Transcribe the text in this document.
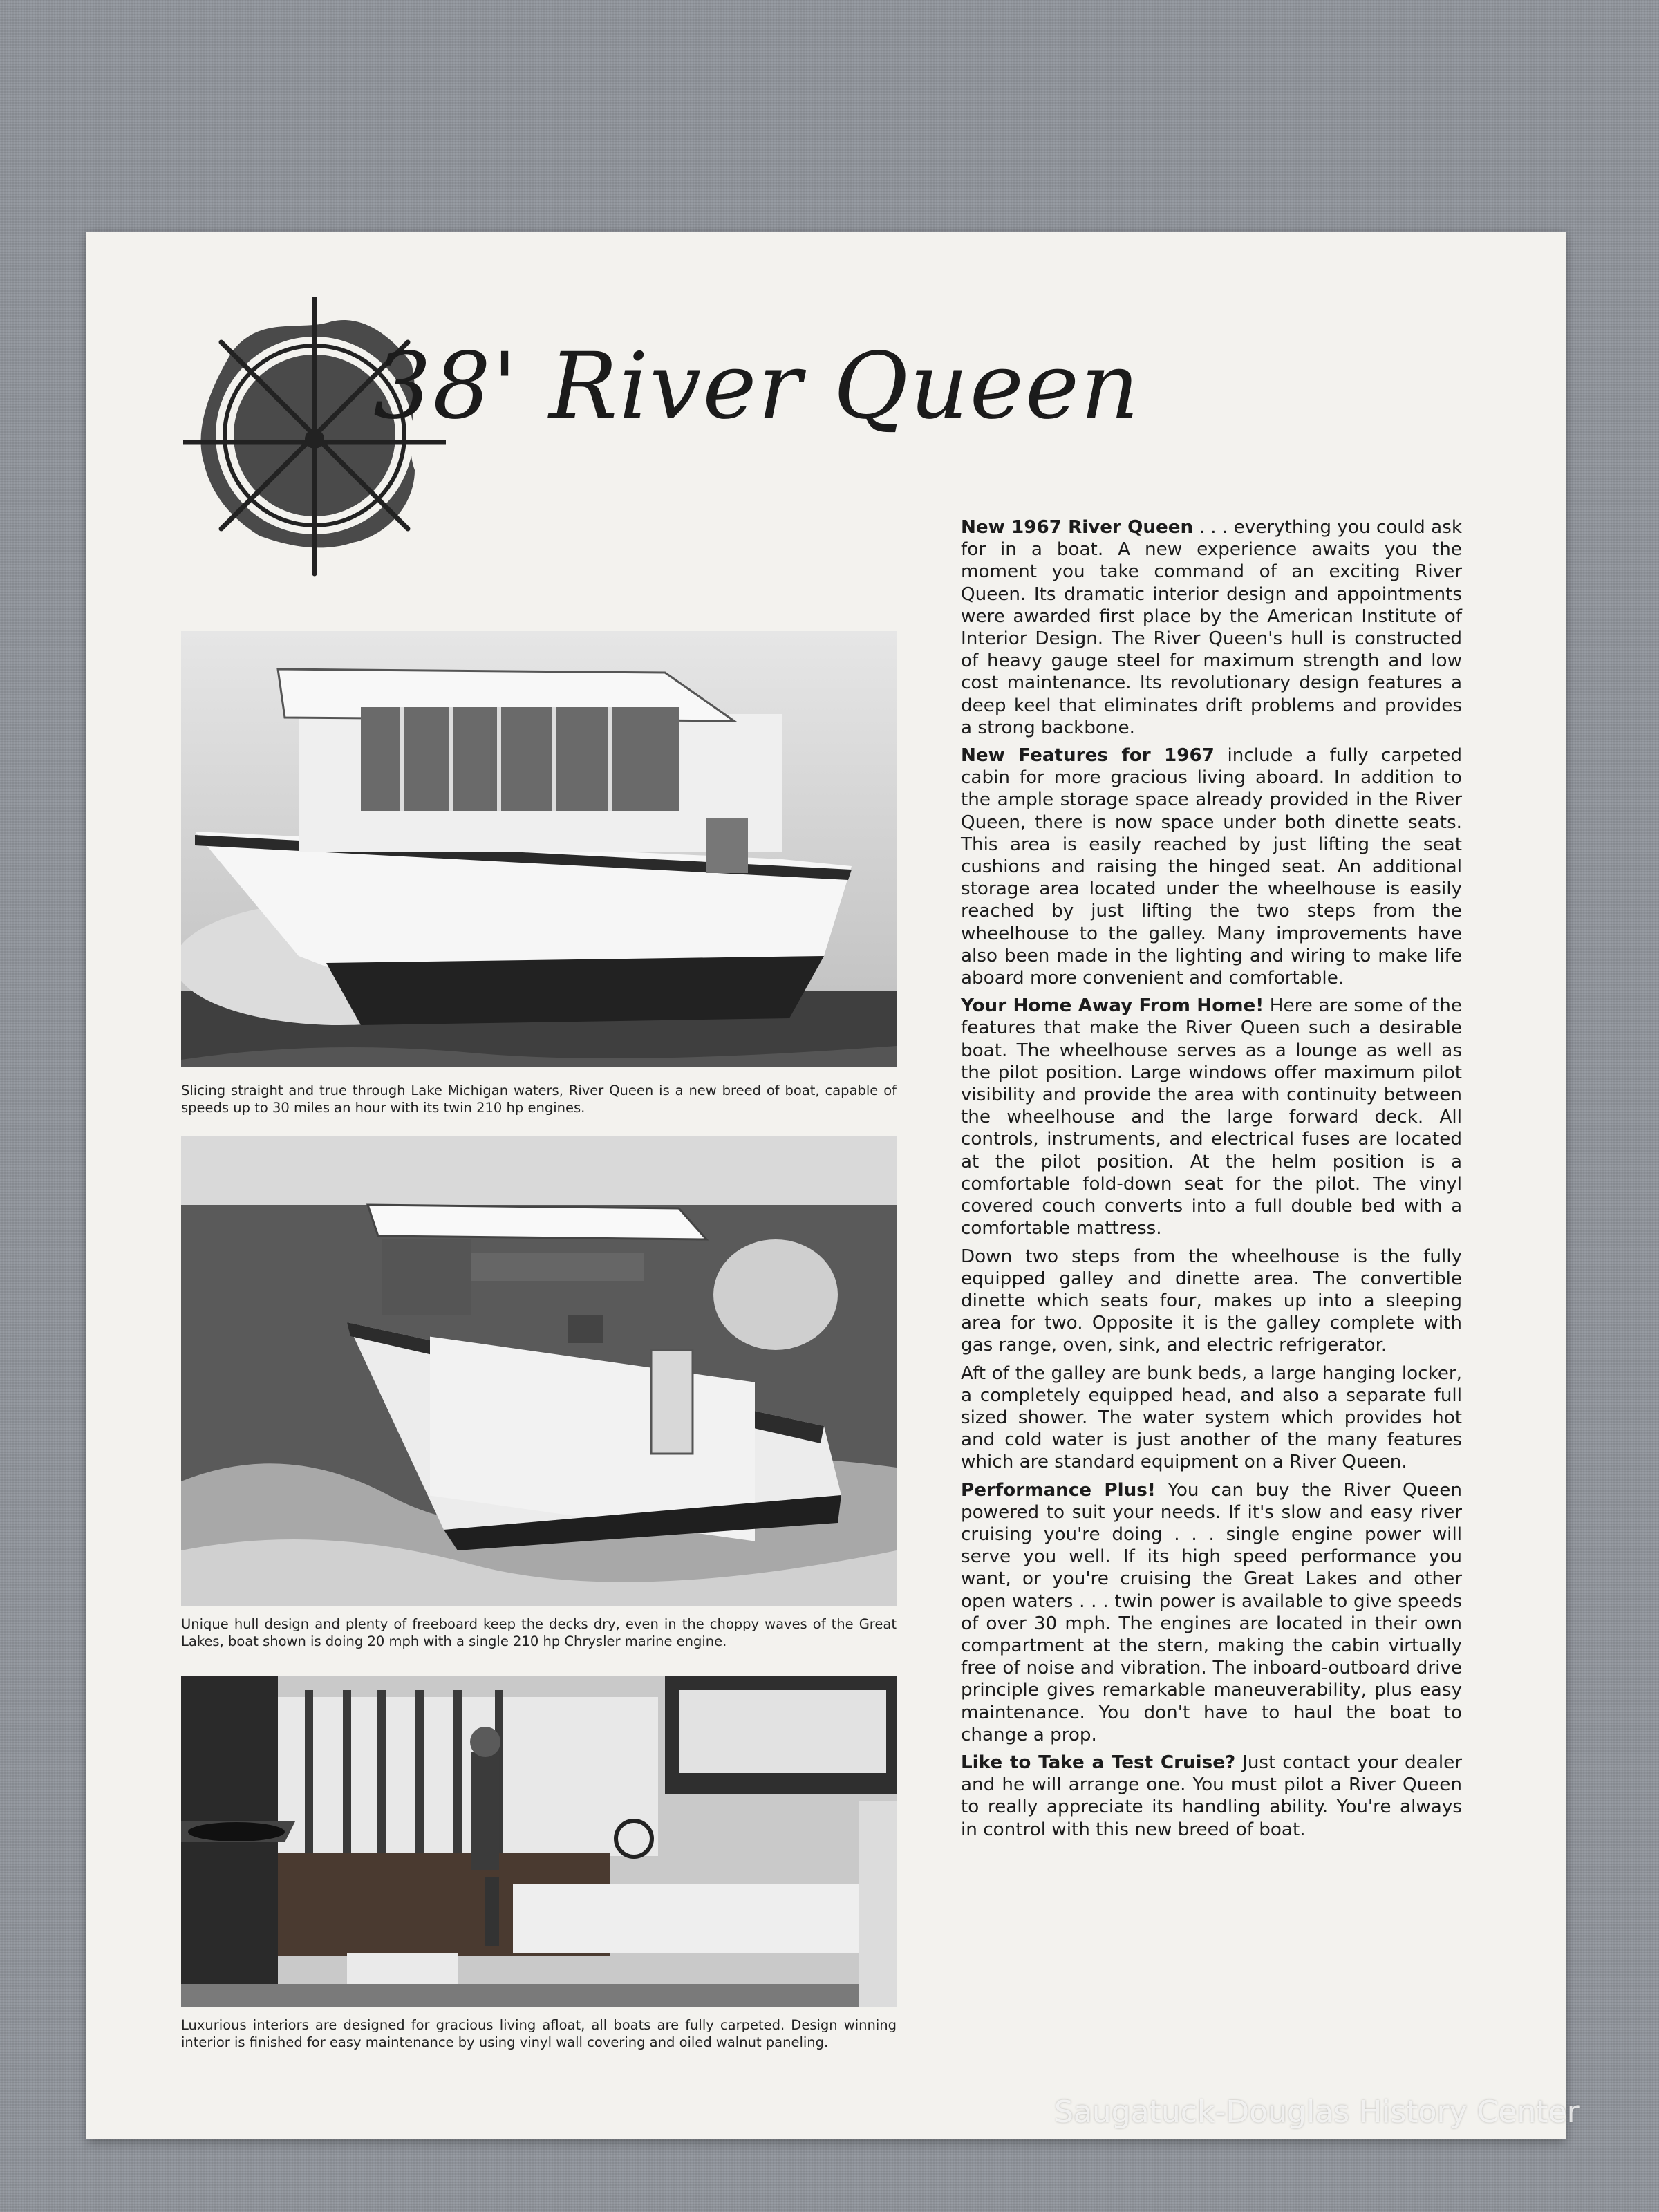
38' River Queen

Slicing straight and true through Lake Michigan waters, River Queen is a new breed of boat, capable of speeds up to 30 miles an hour with its twin 210 hp engines.

Unique hull design and plenty of freeboard keep the decks dry, even in the choppy waves of the Great Lakes, boat shown is doing 20 mph with a single 210 hp Chrysler marine engine.

Luxurious interiors are designed for gracious living afloat, all boats are fully carpeted. Design winning interior is finished for easy maintenance by using vinyl wall covering and oiled walnut paneling.

New 1967 River Queen . . . everything you could ask for in a boat. A new experience awaits you the moment you take command of an exciting River Queen. Its dramatic interior design and appointments were awarded first place by the American Institute of Interior Design. The River Queen's hull is constructed of heavy gauge steel for maximum strength and low cost maintenance. Its revolutionary design features a deep keel that eliminates drift problems and provides a strong backbone.

New Features for 1967 include a fully carpeted cabin for more gracious living aboard. In addition to the ample storage space already provided in the River Queen, there is now space under both dinette seats. This area is easily reached by just lifting the seat cushions and raising the hinged seat. An additional storage area located under the wheelhouse is easily reached by just lifting the two steps from the wheelhouse to the galley. Many improvements have also been made in the lighting and wiring to make life aboard more convenient and comfortable.

Your Home Away From Home! Here are some of the features that make the River Queen such a desirable boat. The wheelhouse serves as a lounge as well as the pilot position. Large windows offer maximum pilot visibility and provide the area with continuity between the wheelhouse and the large forward deck. All controls, instruments, and electrical fuses are located at the pilot position. At the helm position is a comfortable fold-down seat for the pilot. The vinyl covered couch converts into a full double bed with a comfortable mattress.

Down two steps from the wheelhouse is the fully equipped galley and dinette area. The convertible dinette which seats four, makes up into a sleeping area for two. Opposite it is the galley complete with gas range, oven, sink, and electric refrigerator.

Aft of the galley are bunk beds, a large hanging locker, a completely equipped head, and also a separate full sized shower. The water system which provides hot and cold water is just another of the many features which are standard equipment on a River Queen.

Performance Plus! You can buy the River Queen powered to suit your needs. If it's slow and easy river cruising you're doing . . . single engine power will serve you well. If its high speed performance you want, or you're cruising the Great Lakes and other open waters . . . twin power is available to give speeds of over 30 mph. The engines are located in their own compartment at the stern, making the cabin virtually free of noise and vibration. The inboard-outboard drive principle gives remarkable maneuverability, plus easy maintenance. You don't have to haul the boat to change a prop.

Like to Take a Test Cruise? Just contact your dealer and he will arrange one. You must pilot a River Queen to really appreciate its handling ability. You're always in control with this new breed of boat.

Saugatuck-Douglas History Center
